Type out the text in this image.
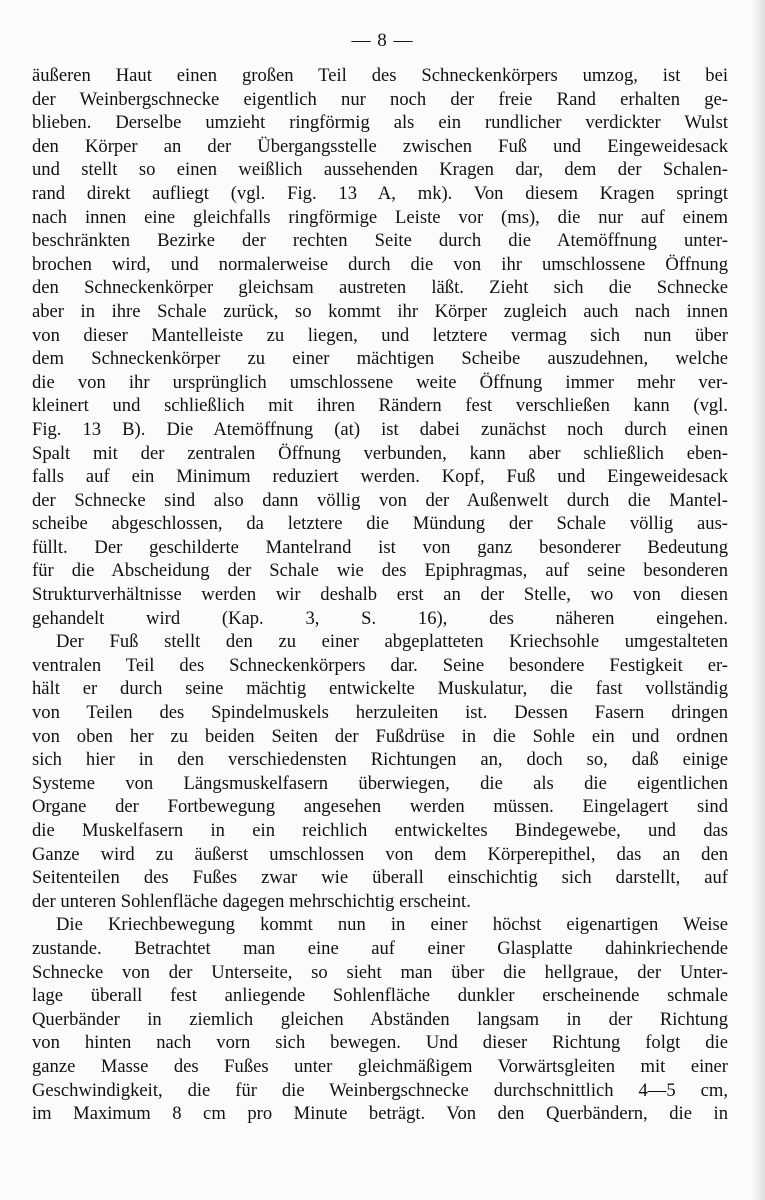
— 8 —
äußeren Haut einen großen Teil des Schneckenkörpers umzog, ist bei
der Weinbergschnecke eigentlich nur noch der freie Rand erhalten ge-
blieben. Derselbe umzieht ringförmig als ein rundlicher verdickter Wulst
den Körper an der Übergangsstelle zwischen Fuß und Eingeweidesack
und stellt so einen weißlich aussehenden Kragen dar, dem der Schalen-
rand direkt aufliegt (vgl. Fig. 13 A, mk). Von diesem Kragen springt
nach innen eine gleichfalls ringförmige Leiste vor (ms), die nur auf einem
beschränkten Bezirke der rechten Seite durch die Atemöffnung unter-
brochen wird, und normalerweise durch die von ihr umschlossene Öffnung
den Schneckenkörper gleichsam austreten läßt. Zieht sich die Schnecke
aber in ihre Schale zurück, so kommt ihr Körper zugleich auch nach innen
von dieser Mantelleiste zu liegen, und letztere vermag sich nun über
dem Schneckenkörper zu einer mächtigen Scheibe auszudehnen, welche
die von ihr ursprünglich umschlossene weite Öffnung immer mehr ver-
kleinert und schließlich mit ihren Rändern fest verschließen kann (vgl.
Fig. 13 B). Die Atemöffnung (at) ist dabei zunächst noch durch einen
Spalt mit der zentralen Öffnung verbunden, kann aber schließlich eben-
falls auf ein Minimum reduziert werden. Kopf, Fuß und Eingeweidesack
der Schnecke sind also dann völlig von der Außenwelt durch die Mantel-
scheibe abgeschlossen, da letztere die Mündung der Schale völlig aus-
füllt. Der geschilderte Mantelrand ist von ganz besonderer Bedeutung
für die Abscheidung der Schale wie des Epiphragmas, auf seine besonderen
Strukturverhältnisse werden wir deshalb erst an der Stelle, wo von diesen
gehandelt wird (Kap. 3, S. 16), des näheren eingehen.
Der Fuß stellt den zu einer abgeplatteten Kriechsohle umgestalteten
ventralen Teil des Schneckenkörpers dar. Seine besondere Festigkeit er-
hält er durch seine mächtig entwickelte Muskulatur, die fast vollständig
von Teilen des Spindelmuskels herzuleiten ist. Dessen Fasern dringen
von oben her zu beiden Seiten der Fußdrüse in die Sohle ein und ordnen
sich hier in den verschiedensten Richtungen an, doch so, daß einige
Systeme von Längsmuskelfasern überwiegen, die als die eigentlichen
Organe der Fortbewegung angesehen werden müssen. Eingelagert sind
die Muskelfasern in ein reichlich entwickeltes Bindegewebe, und das
Ganze wird zu äußerst umschlossen von dem Körperepithel, das an den
Seitenteilen des Fußes zwar wie überall einschichtig sich darstellt, auf
der unteren Sohlenfläche dagegen mehrschichtig erscheint.
Die Kriechbewegung kommt nun in einer höchst eigenartigen Weise
zustande. Betrachtet man eine auf einer Glasplatte dahinkriechende
Schnecke von der Unterseite, so sieht man über die hellgraue, der Unter-
lage überall fest anliegende Sohlenfläche dunkler erscheinende schmale
Querbänder in ziemlich gleichen Abständen langsam in der Richtung
von hinten nach vorn sich bewegen. Und dieser Richtung folgt die
ganze Masse des Fußes unter gleichmäßigem Vorwärtsgleiten mit einer
Geschwindigkeit, die für die Weinbergschnecke durchschnittlich 4—5 cm,
im Maximum 8 cm pro Minute beträgt. Von den Querbändern, die in
